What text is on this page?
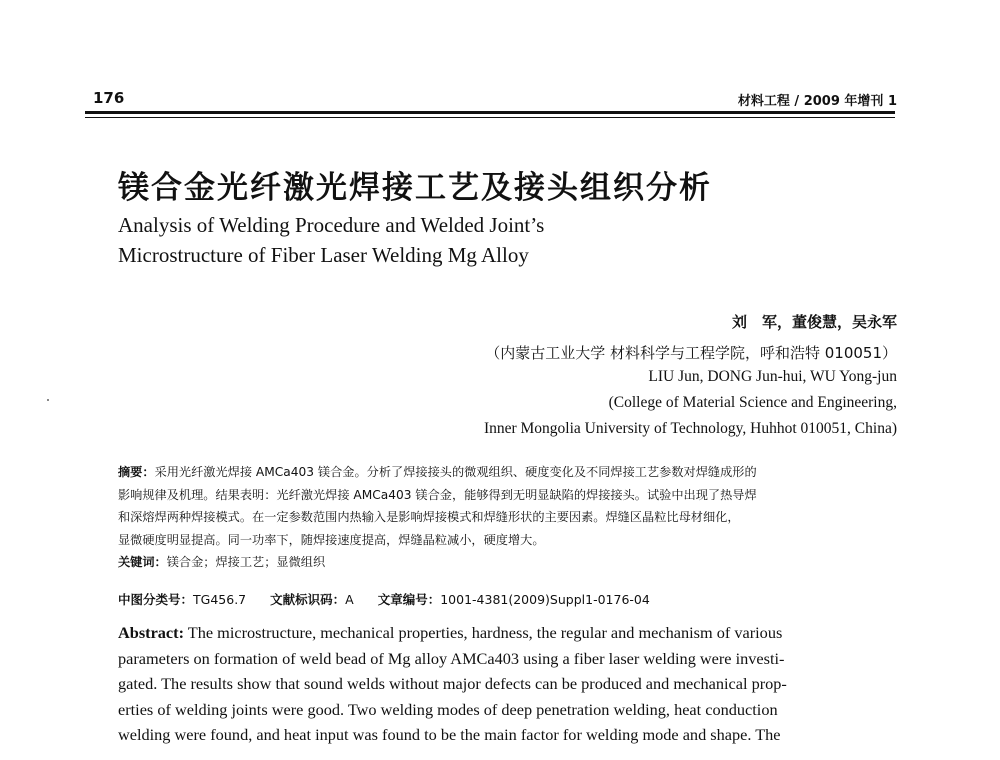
176	材料工程 / 2009 年增刊 1
镁合金光纤激光焊接工艺及接头组织分析
Analysis of Welding Procedure and Welded Joint’s
Microstructure of Fiber Laser Welding Mg Alloy
刘　军，董俊慧，吴永军
（内蒙古工业大学 材料科学与工程学院，呼和浩特 010051）
LIU Jun, DONG Jun-hui, WU Yong-jun
(College of Material Science and Engineering,
Inner Mongolia University of Technology, Huhhot 010051, China)
摘要：采用光纤激光焊接 AMCa403 镁合金。分析了焊接接头的微观组织、硬度变化及不同焊接工艺参数对焊缝成形的
影响规律及机理。结果表明：光纤激光焊接 AMCa403 镁合金，能够得到无明显缺陷的焊接接头。试验中出现了热导焊
和深熔焊两种焊接模式。在一定参数范围内热输入是影响焊接模式和焊缝形状的主要因素。焊缝区晶粒比母材细化，
显微硬度明显提高。同一功率下，随焊接速度提高，焊缝晶粒减小，硬度增大。
关键词：镁合金；焊接工艺；显微组织
中图分类号：TG456.7 文献标识码：A 文章编号：1001-4381(2009)Suppl1-0176-04
Abstract: The microstructure, mechanical properties, hardness, the regular and mechanism of various
parameters on formation of weld bead of Mg alloy AMCa403 using a fiber laser welding were investi-
gated. The results show that sound welds without major defects can be produced and mechanical prop-
erties of welding joints were good. Two welding modes of deep penetration welding, heat conduction
welding were found, and heat input was found to be the main factor for welding mode and shape. The
